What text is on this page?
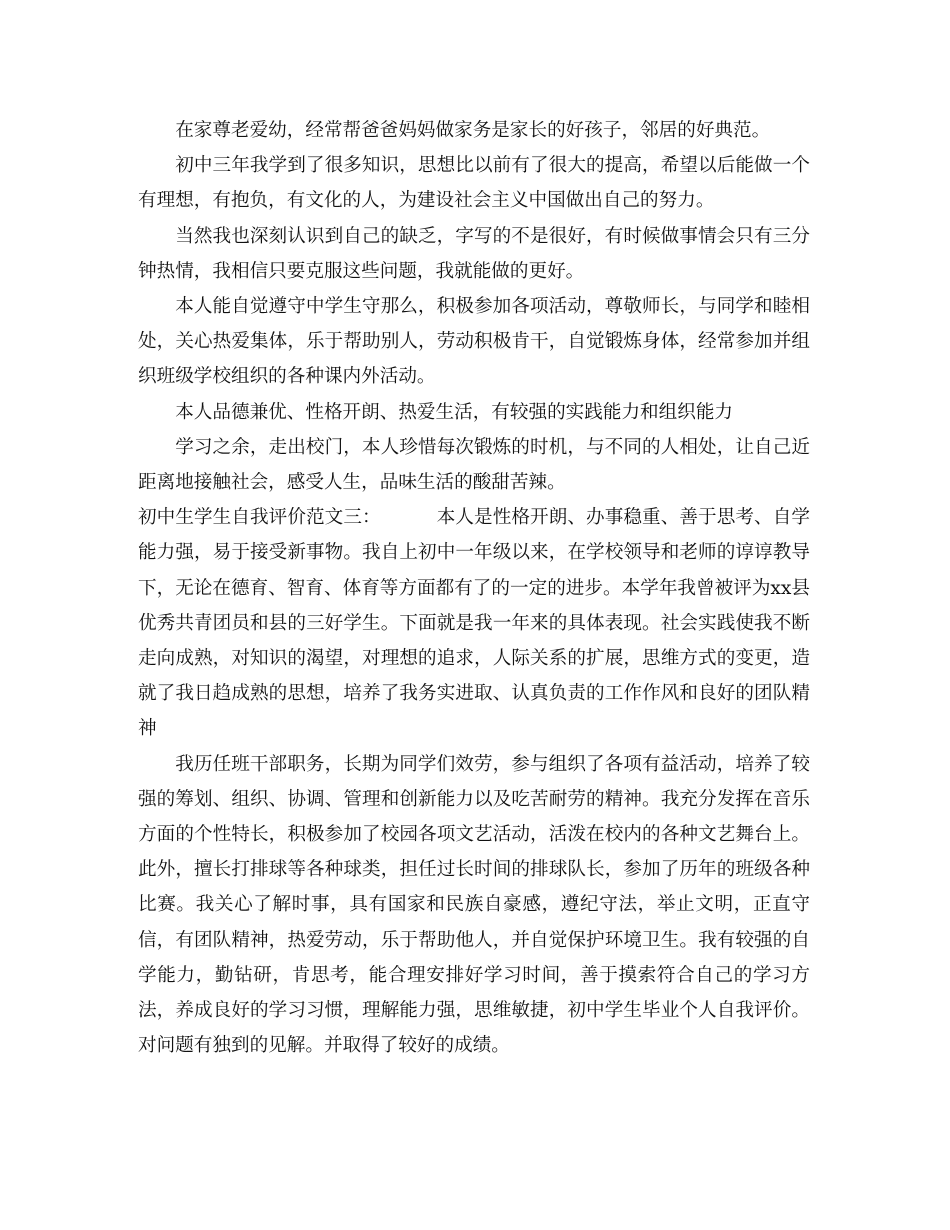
在家尊老爱幼，经常帮爸爸妈妈做家务是家长的好孩子，邻居的好典范。

初中三年我学到了很多知识，思想比以前有了很大的提高，希望以后能做一个有理想，有抱负，有文化的人，为建设社会主义中国做出自己的努力。

当然我也深刻认识到自己的缺乏，字写的不是很好，有时候做事情会只有三分钟热情，我相信只要克服这些问题，我就能做的更好。

本人能自觉遵守中学生守那么，积极参加各项活动，尊敬师长，与同学和睦相处，关心热爱集体，乐于帮助别人，劳动积极肯干，自觉锻炼身体，经常参加并组织班级学校组织的各种课内外活动。

本人品德兼优、性格开朗、热爱生活，有较强的实践能力和组织能力

学习之余，走出校门，本人珍惜每次锻炼的时机，与不同的人相处，让自己近距离地接触社会，感受人生，品味生活的酸甜苦辣。

初中生学生自我评价范文三：	本人是性格开朗、办事稳重、善于思考、自学能力强，易于接受新事物。我自上初中一年级以来，在学校领导和老师的谆谆教导下，无论在德育、智育、体育等方面都有了的一定的进步。本学年我曾被评为xx县优秀共青团员和县的三好学生。下面就是我一年来的具体表现。社会实践使我不断走向成熟，对知识的渴望，对理想的追求，人际关系的扩展，思维方式的变更，造就了我日趋成熟的思想，培养了我务实进取、认真负责的工作作风和良好的团队精神

我历任班干部职务，长期为同学们效劳，参与组织了各项有益活动，培养了较强的筹划、组织、协调、管理和创新能力以及吃苦耐劳的精神。我充分发挥在音乐方面的个性特长，积极参加了校园各项文艺活动，活泼在校内的各种文艺舞台上。此外，擅长打排球等各种球类，担任过长时间的排球队长，参加了历年的班级各种比赛。我关心了解时事，具有国家和民族自豪感，遵纪守法，举止文明，正直守信，有团队精神，热爱劳动，乐于帮助他人，并自觉保护环境卫生。我有较强的自学能力，勤钻研，肯思考，能合理安排好学习时间，善于摸索符合自己的学习方法，养成良好的学习习惯，理解能力强，思维敏捷，初中学生毕业个人自我评价。对问题有独到的见解。并取得了较好的成绩。
